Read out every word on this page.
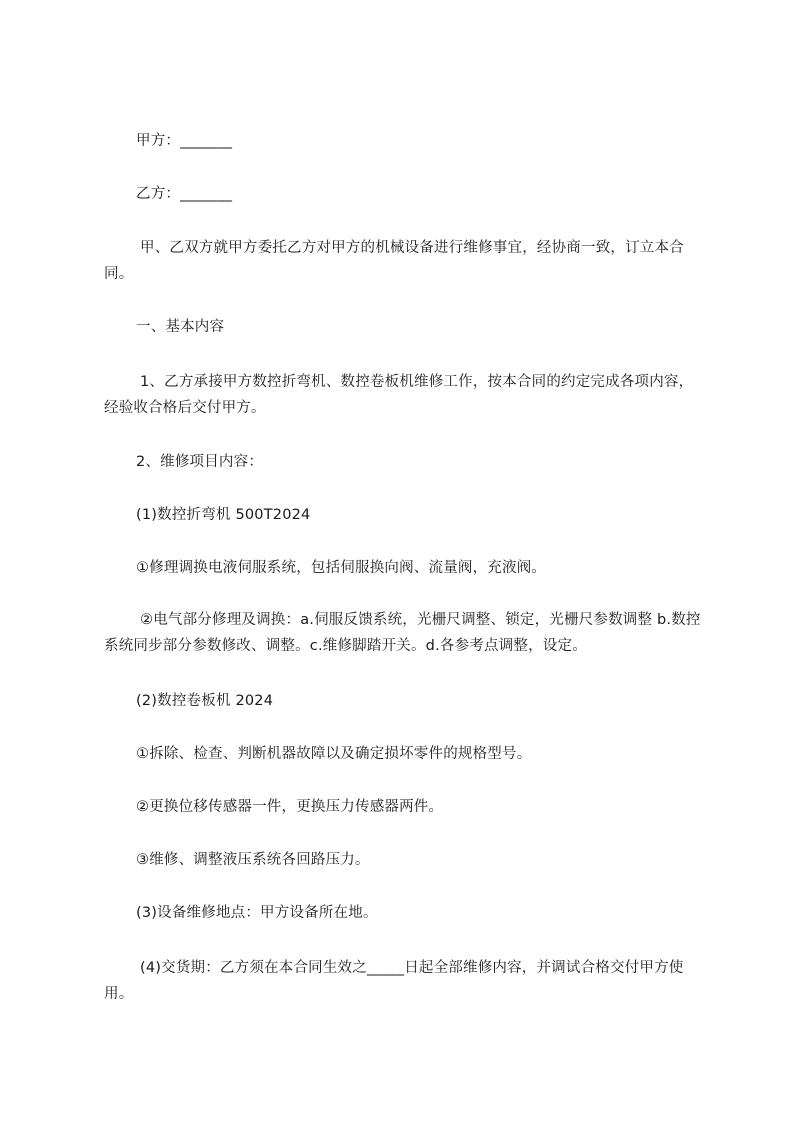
甲方：_______

乙方：_______

甲、乙双方就甲方委托乙方对甲方的机械设备进行维修事宜，经协商一致，订立本合同。

一、基本内容

1、乙方承接甲方数控折弯机、数控卷板机维修工作，按本合同的约定完成各项内容，经验收合格后交付甲方。

2、维修项目内容：

(1)数控折弯机 500T2024

①修理调换电液伺服系统，包括伺服换向阀、流量阀，充液阀。

②电气部分修理及调换：a.伺服反馈系统，光栅尺调整、锁定，光栅尺参数调整 b.数控系统同步部分参数修改、调整。c.维修脚踏开关。d.各参考点调整，设定。

(2)数控卷板机 2024

①拆除、检查、判断机器故障以及确定损坏零件的规格型号。

②更换位移传感器一件，更换压力传感器两件。

③维修、调整液压系统各回路压力。

(3)设备维修地点：甲方设备所在地。

(4)交货期：乙方须在本合同生效之_____日起全部维修内容，并调试合格交付甲方使用。
